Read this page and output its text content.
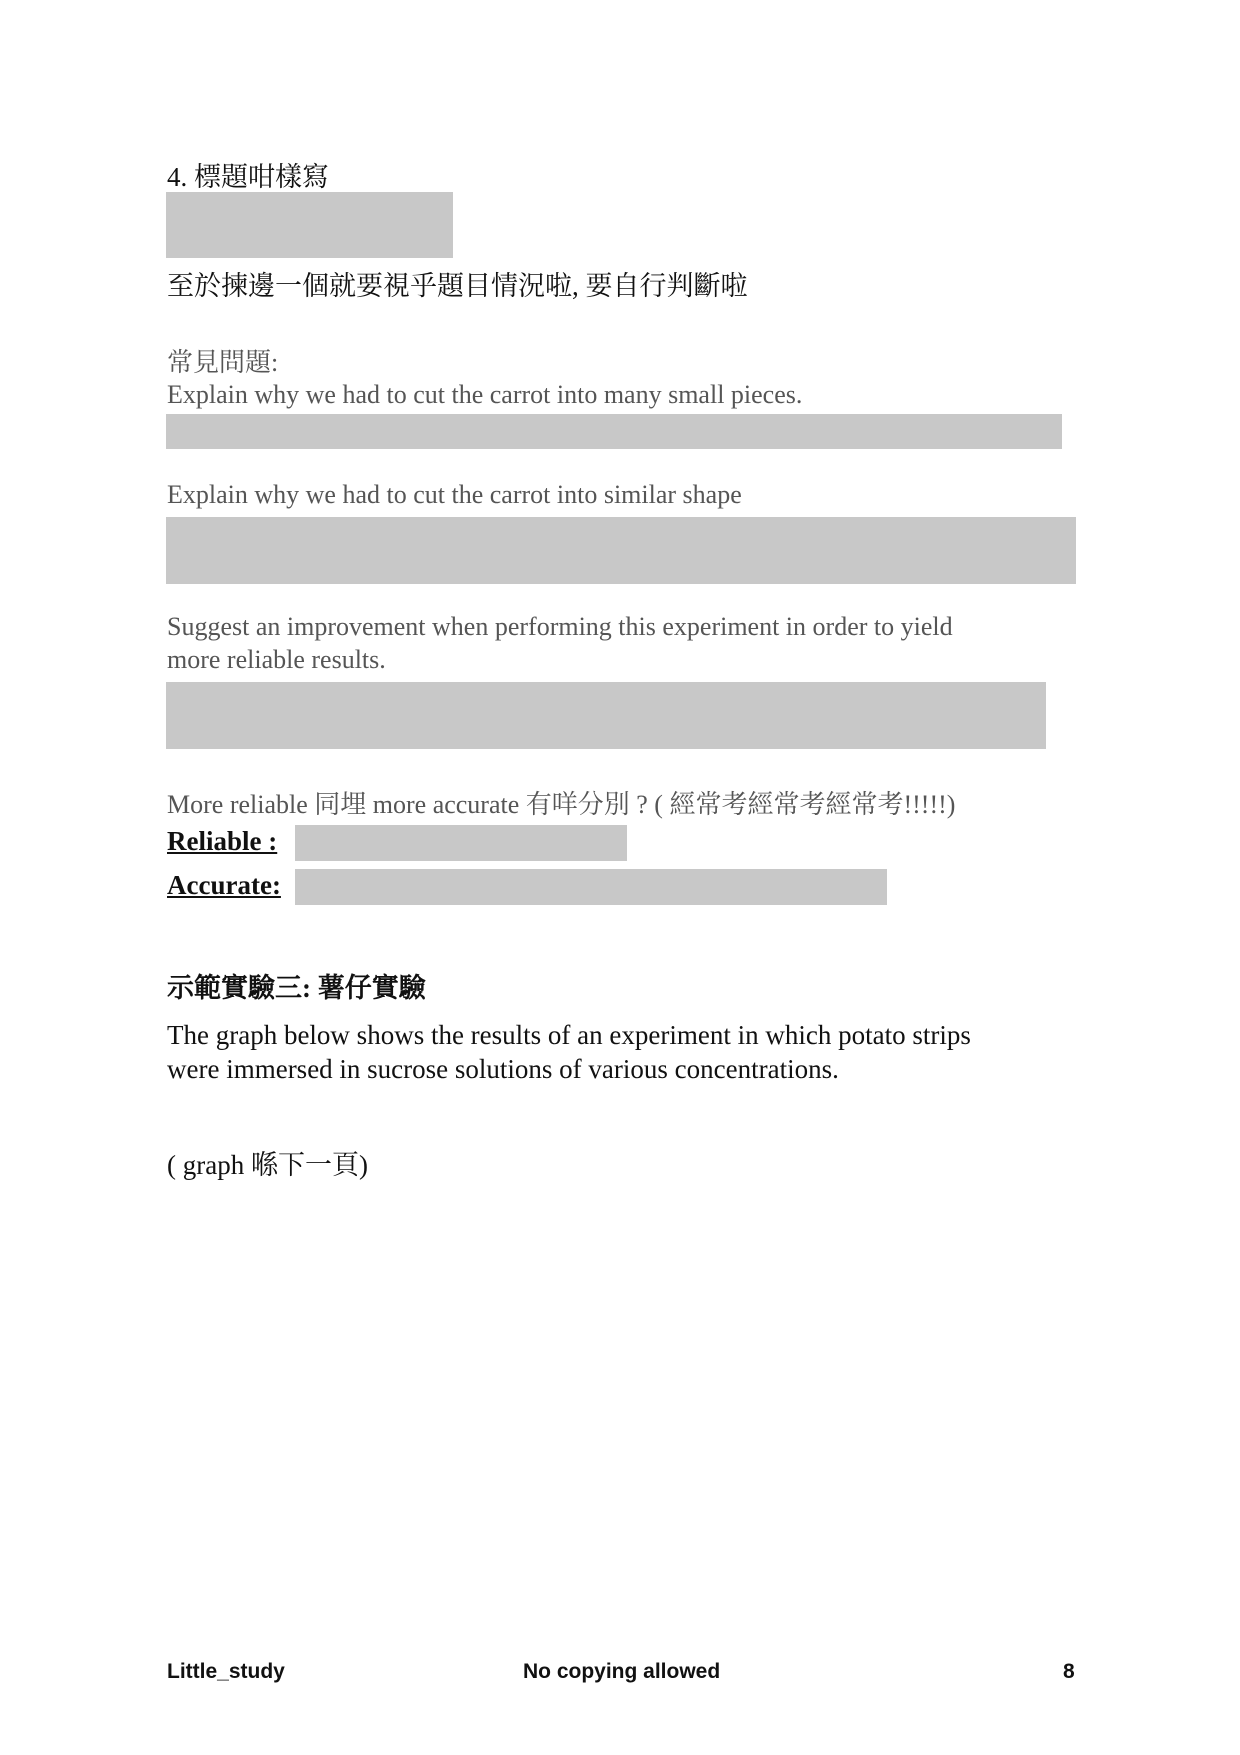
4. 標題咁樣寫
至於揀邊一個就要視乎題目情況啦, 要自行判斷啦
常見問題:
Explain why we had to cut the carrot into many small pieces.
Explain why we had to cut the carrot into similar shape
Suggest an improvement when performing this experiment in order to yield
more reliable results.
More reliable 同埋 more accurate 有咩分別 ? ( 經常考經常考經常考!!!!!)
Reliable :
Accurate:
示範實驗三: 薯仔實驗
The graph below shows the results of an experiment in which potato strips
were immersed in sucrose solutions of various concentrations.
( graph 喺下一頁)
Little_study	No copying allowed	8
